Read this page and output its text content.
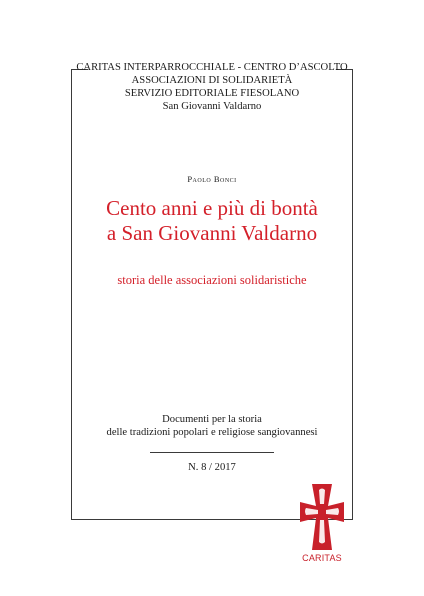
CARITAS INTERPARROCCHIALE - CENTRO D’ASCOLTO
ASSOCIAZIONI DI SOLIDARIETÀ
SERVIZIO EDITORIALE FIESOLANO
San Giovanni Valdarno
Paolo Bonci
Cento anni e più di bontà
a San Giovanni Valdarno
storia delle associazioni solidaristiche
Documenti per la storia
delle tradizioni popolari e religiose sangiovannesi
N. 8 / 2017
CARITAS
